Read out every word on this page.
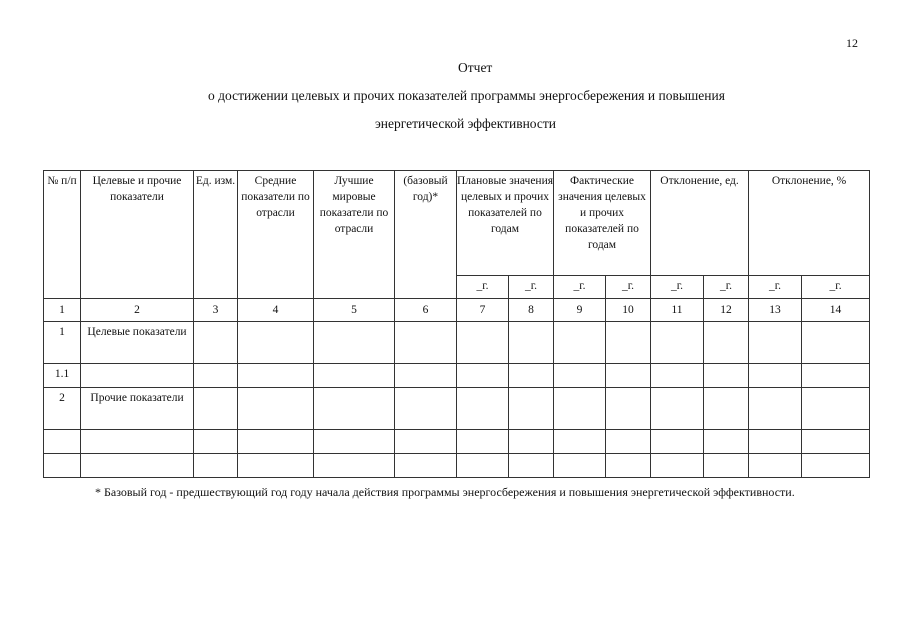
12
Отчет
о достижении целевых и прочих показателей программы энергосбережения и повышения
энергетической эффективности
№ п/п	Целевые и прочие показатели	Ед. изм.	Средние показатели по отрасли	Лучшие мировые показатели по отрасли	(базовый год)*	Плановые значения целевых и прочих показателей по годам		Фактические значения целевых и прочих показателей по годам		Отклонение, ед.		Отклонение, %	
						_г.	_г.	_г.	_г.	_г.	_г.	_г.	_г.
1	2	3	4	5	6	7	8	9	10	11	12	13	14
1	Целевые показатели												
1.1													
2	Прочие показатели												

* Базовый год - предшествующий год году начала действия программы энергосбережения и повышения энергетической эффективности.
